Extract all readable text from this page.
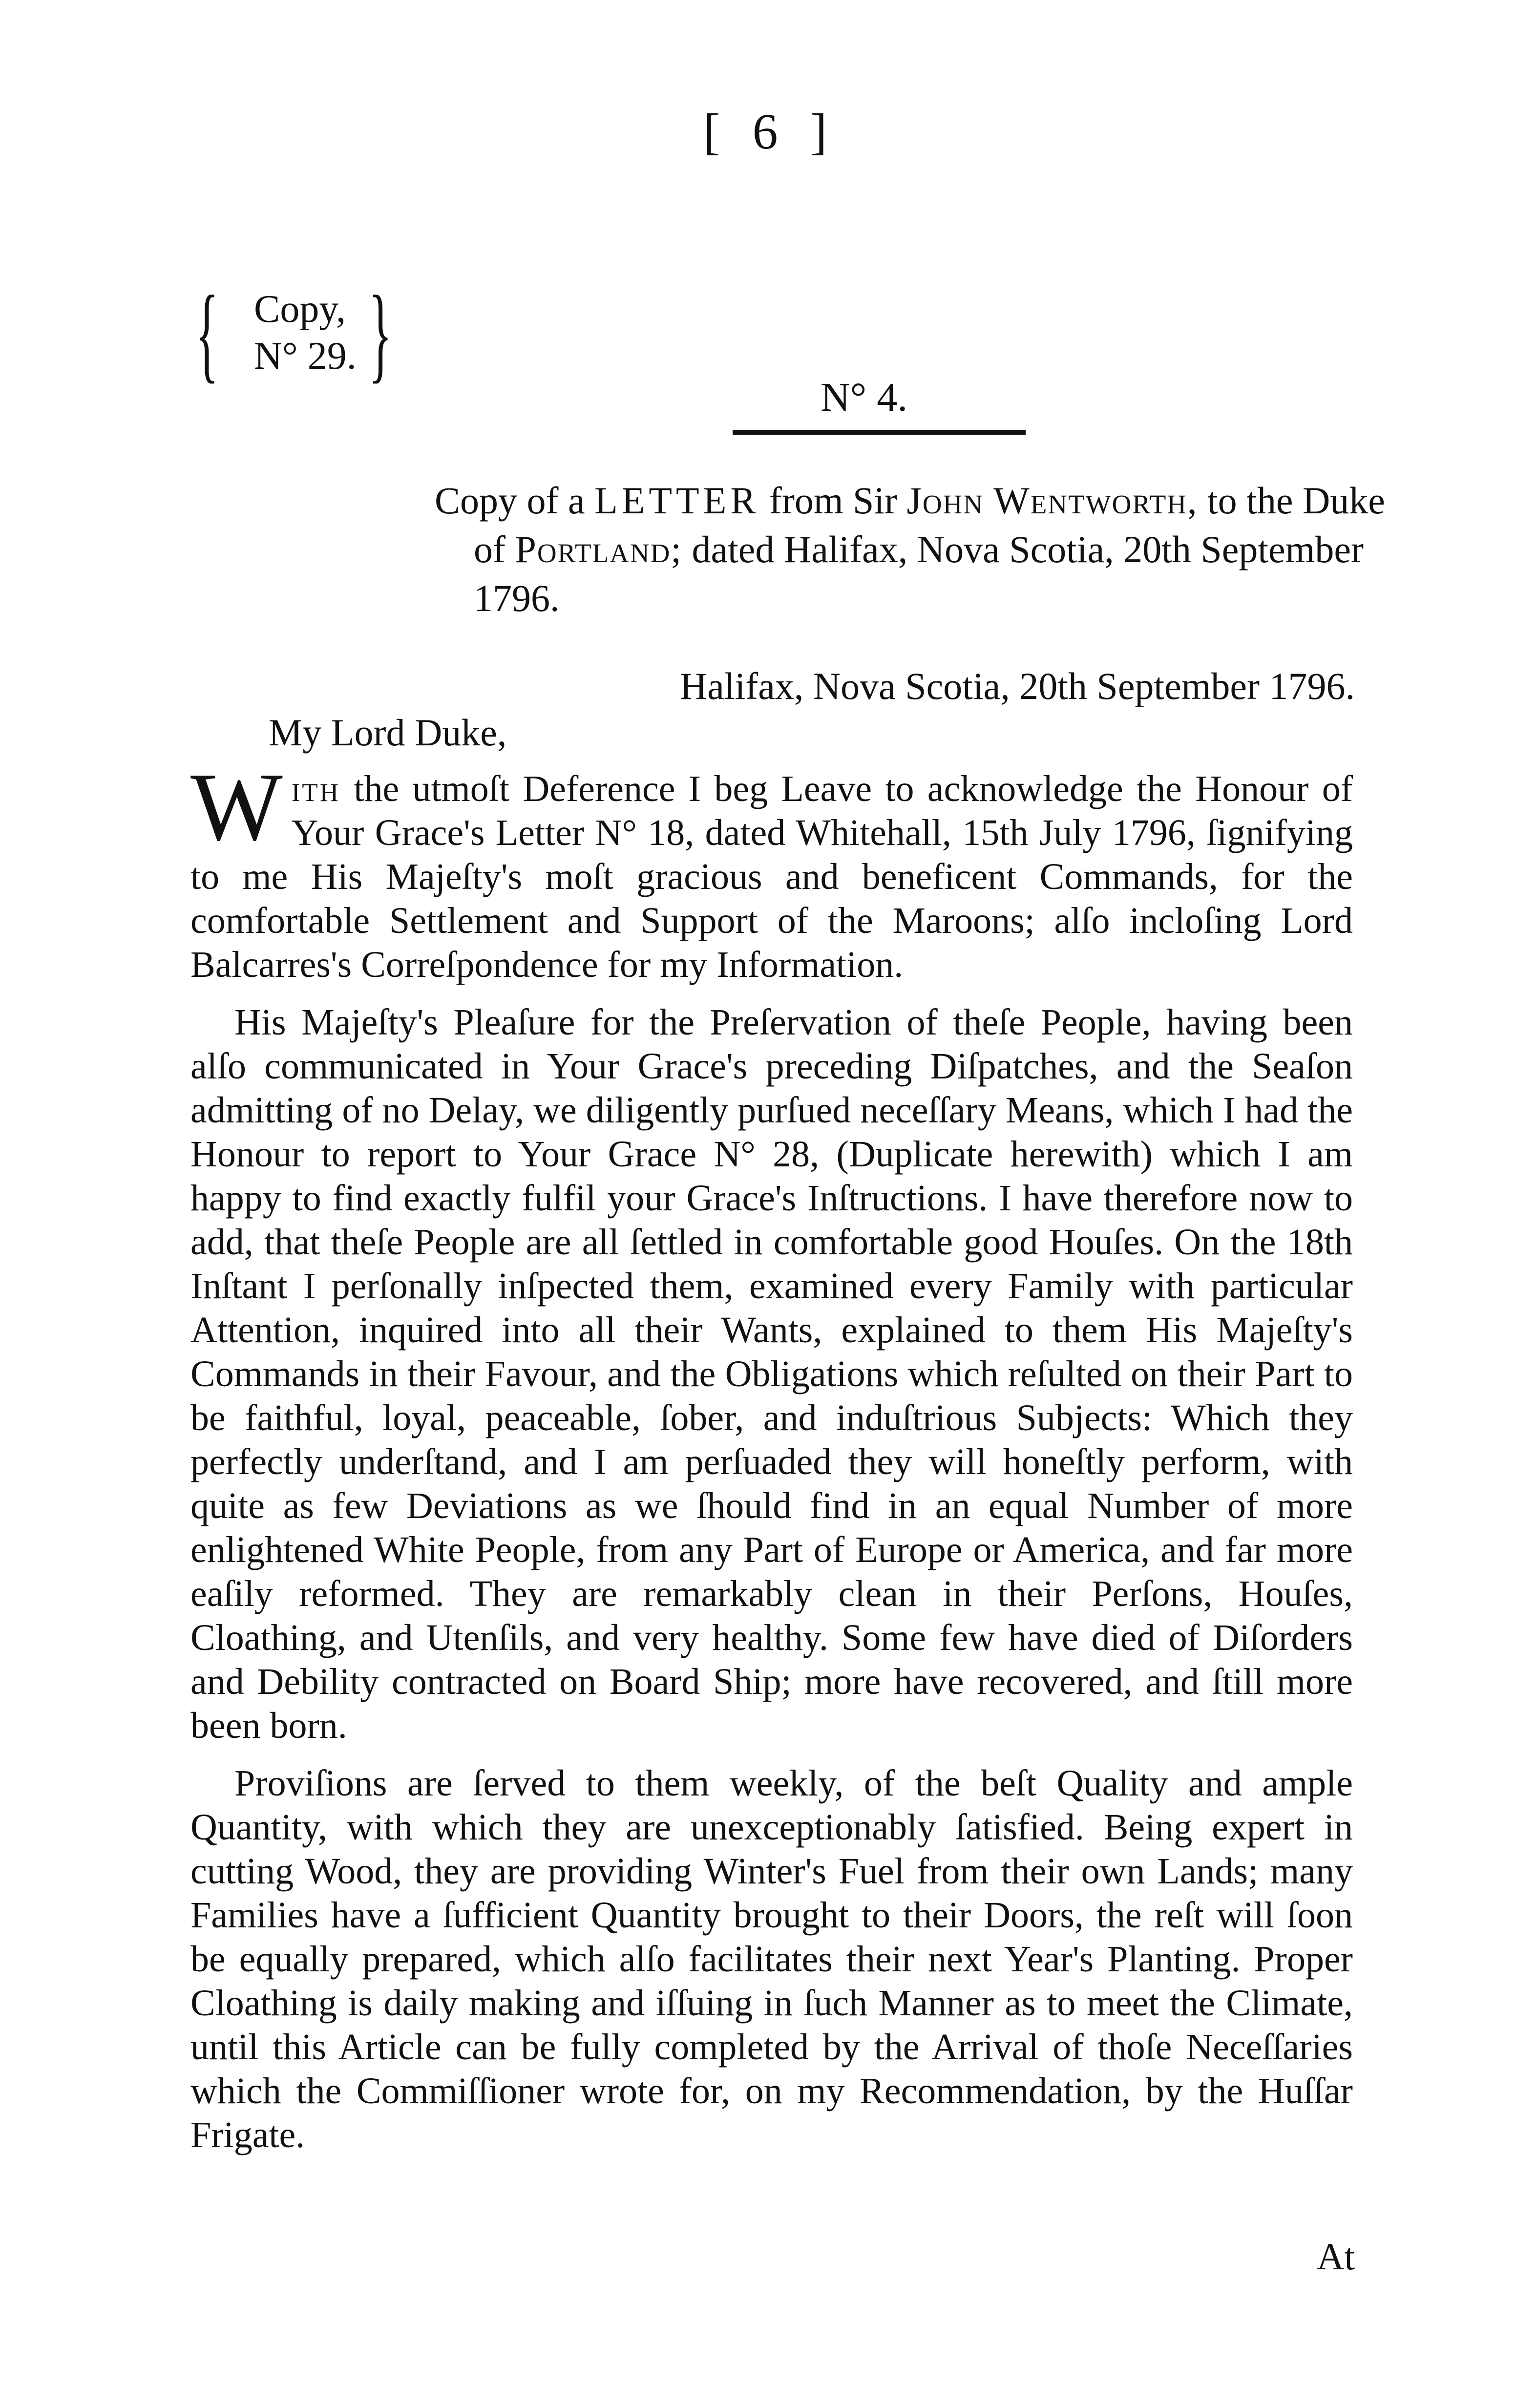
[ 6 ]
{ }
Copy,
N° 29.
N° 4.
Copy of a LETTER from Sir John Wentworth, to the Duke of Portland; dated Halifax, Nova Scotia, 20th September 1796.
Halifax, Nova Scotia, 20th September 1796.
My Lord Duke,

With the utmoſt Deference I beg Leave to acknowledge the Honour of Your Grace's Letter N° 18, dated Whitehall, 15th July 1796, ſignifying to me His Majeſty's moſt gracious and beneficent Commands, for the comfortable Settlement and Support of the Maroons; alſo incloſing Lord Balcarres's Correſpondence for my Information.

His Majeſty's Pleaſure for the Preſervation of theſe People, having been alſo communicated in Your Grace's preceding Diſpatches, and the Seaſon admitting of no Delay, we diligently purſued neceſſary Means, which I had the Honour to report to Your Grace N° 28, (Duplicate herewith) which I am happy to find exactly fulfil your Grace's Inſtructions. I have therefore now to add, that theſe People are all ſettled in comfortable good Houſes. On the 18th Inſtant I perſonally inſpected them, examined every Family with particular Attention, inquired into all their Wants, explained to them His Majeſty's Commands in their Favour, and the Obligations which reſulted on their Part to be faithful, loyal, peaceable, ſober, and induſtrious Subjects: Which they perfectly underſtand, and I am perſuaded they will honeſtly perform, with quite as few Deviations as we ſhould find in an equal Number of more enlightened White People, from any Part of Europe or America, and far more eaſily reformed. They are remarkably clean in their Perſons, Houſes, Cloathing, and Utenſils, and very healthy. Some few have died of Diſorders and Debility contracted on Board Ship; more have recovered, and ſtill more been born.

Proviſions are ſerved to them weekly, of the beſt Quality and ample Quantity, with which they are unexceptionably ſatisfied. Being expert in cutting Wood, they are providing Winter's Fuel from their own Lands; many Families have a ſufficient Quantity brought to their Doors, the reſt will ſoon be equally prepared, which alſo facilitates their next Year's Planting. Proper Cloathing is daily making and iſſuing in ſuch Manner as to meet the Climate, until this Article can be fully completed by the Arrival of thoſe Neceſſaries which the Commiſſioner wrote for, on my Recommendation, by the Huſſar Frigate.

At
